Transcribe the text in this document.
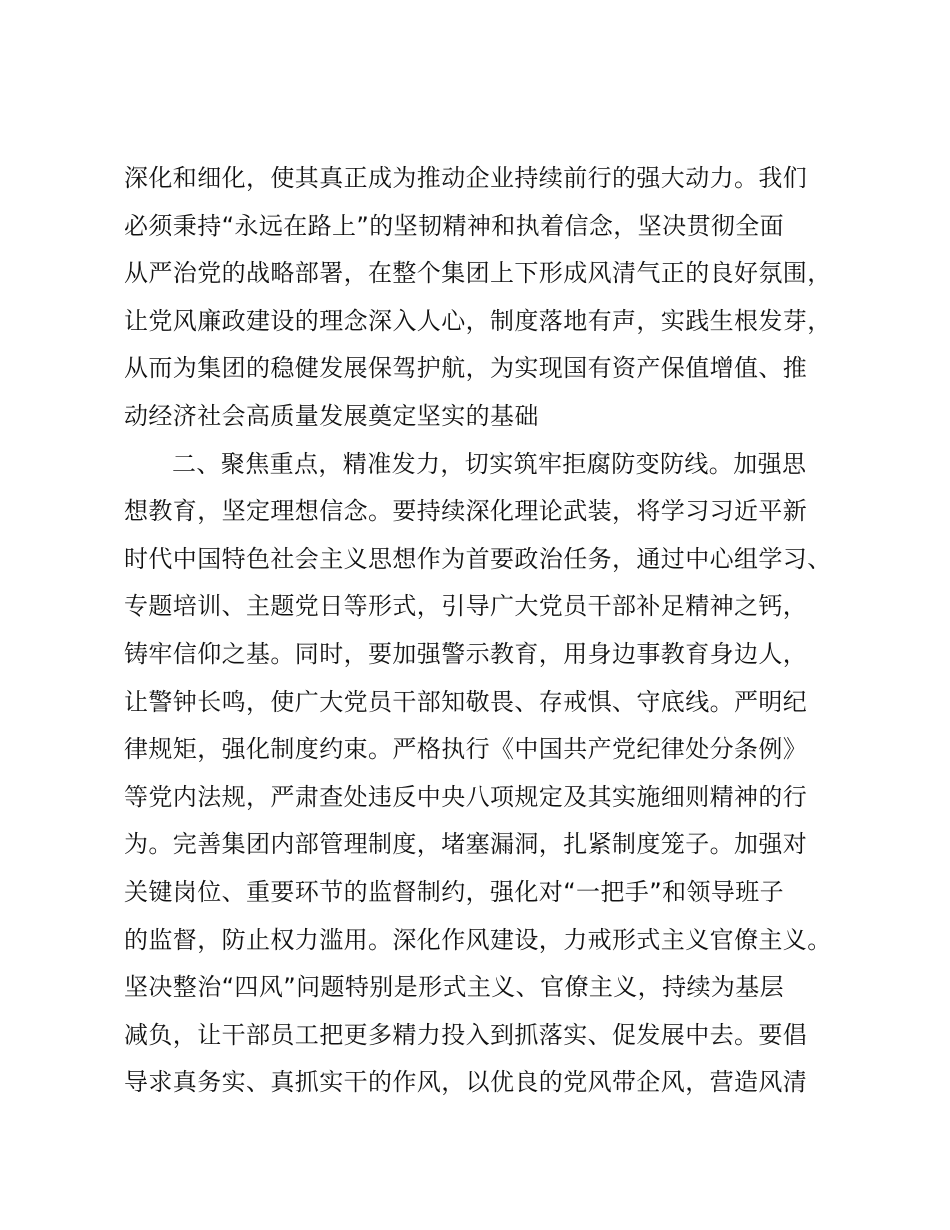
深化和细化，使其真正成为推动企业持续前行的强大动力。我们
必须秉持“永远在路上”的坚韧精神和执着信念，坚决贯彻全面
从严治党的战略部署，在整个集团上下形成风清气正的良好氛围，
让党风廉政建设的理念深入人心，制度落地有声，实践生根发芽，
从而为集团的稳健发展保驾护航，为实现国有资产保值增值、推
动经济社会高质量发展奠定坚实的基础
二、聚焦重点，精准发力，切实筑牢拒腐防变防线。加强思
想教育，坚定理想信念。要持续深化理论武装，将学习习近平新
时代中国特色社会主义思想作为首要政治任务，通过中心组学习、
专题培训、主题党日等形式，引导广大党员干部补足精神之钙，
铸牢信仰之基。同时，要加强警示教育，用身边事教育身边人，
让警钟长鸣，使广大党员干部知敬畏、存戒惧、守底线。严明纪
律规矩，强化制度约束。严格执行《中国共产党纪律处分条例》
等党内法规，严肃查处违反中央八项规定及其实施细则精神的行
为。完善集团内部管理制度，堵塞漏洞，扎紧制度笼子。加强对
关键岗位、重要环节的监督制约，强化对“一把手”和领导班子
的监督，防止权力滥用。深化作风建设，力戒形式主义官僚主义。
坚决整治“四风”问题特别是形式主义、官僚主义，持续为基层
减负，让干部员工把更多精力投入到抓落实、促发展中去。要倡
导求真务实、真抓实干的作风，以优良的党风带企风，营造风清
